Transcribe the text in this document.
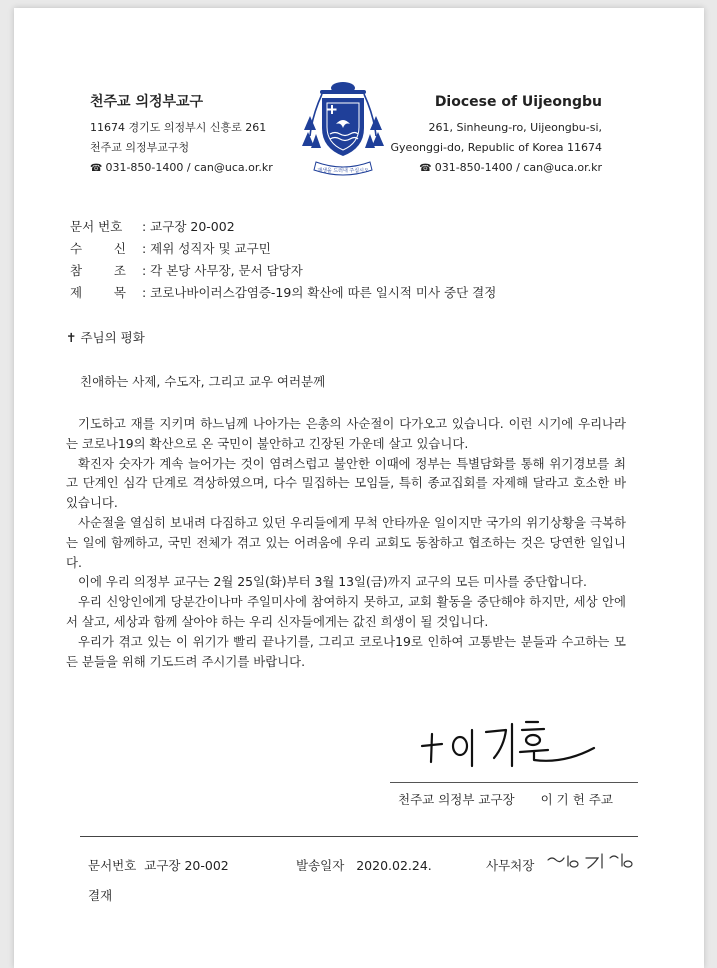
천주교 의정부교구
11674 경기도 의정부시 신흥로 261
천주교 의정부교구청
☎ 031-850-1400 / can@uca.or.kr	재생을 드러내 주십시오
Diocese of Uijeongbu
261, Sinheung-ro, Uijeongbu-si,
Gyeonggi-do, Republic of Korea 11674
☎ 031-850-1400 / can@uca.or.kr
문서 번호 : 교구장 20-002
수        신 : 제위 성직자 및 교구민
참        조 : 각 본당 사무장, 문서 담당자
제        목 : 코로나바이러스감염증-19의 확산에 따른 일시적 미사 중단 결정
✝ 주님의 평화
친애하는 사제, 수도자, 그리고 교우 여러분께

기도하고 재를 지키며 하느님께 나아가는 은총의 사순절이 다가오고 있습니다. 이런 시기에 우리나라는 코로나19의 확산으로 온 국민이 불안하고 긴장된 가운데 살고 있습니다.

확진자 숫자가 계속 늘어가는 것이 염려스럽고 불안한 이때에 정부는 특별담화를 통해 위기경보를 최고 단계인 심각 단계로 격상하였으며, 다수 밀집하는 모임들, 특히 종교집회를 자제해 달라고 호소한 바 있습니다.

사순절을 열심히 보내려 다짐하고 있던 우리들에게 무척 안타까운 일이지만 국가의 위기상황을 극복하는 일에 함께하고, 국민 전체가 겪고 있는 어려움에 우리 교회도 동참하고 협조하는 것은 당연한 일입니다.

이에 우리 의정부 교구는 2월 25일(화)부터 3월 13일(금)까지 교구의 모든 미사를 중단합니다.

우리 신앙인에게 당분간이나마 주일미사에 참여하지 못하고, 교회 활동을 중단해야 하지만, 세상 안에서 살고, 세상과 함께 살아야 하는 우리 신자들에게는 값진 희생이 될 것입니다.

우리가 겪고 있는 이 위기가 빨리 끝나기를, 그리고 코로나19로 인하여 고통받는 분들과 수고하는 모든 분들을 위해 기도드려 주시기를 바랍니다.

천주교 의정부 교구장 이 기 헌 주교
문서번호 교구장 20-002	발송일자 2020.02.24.	사무처장
결재
